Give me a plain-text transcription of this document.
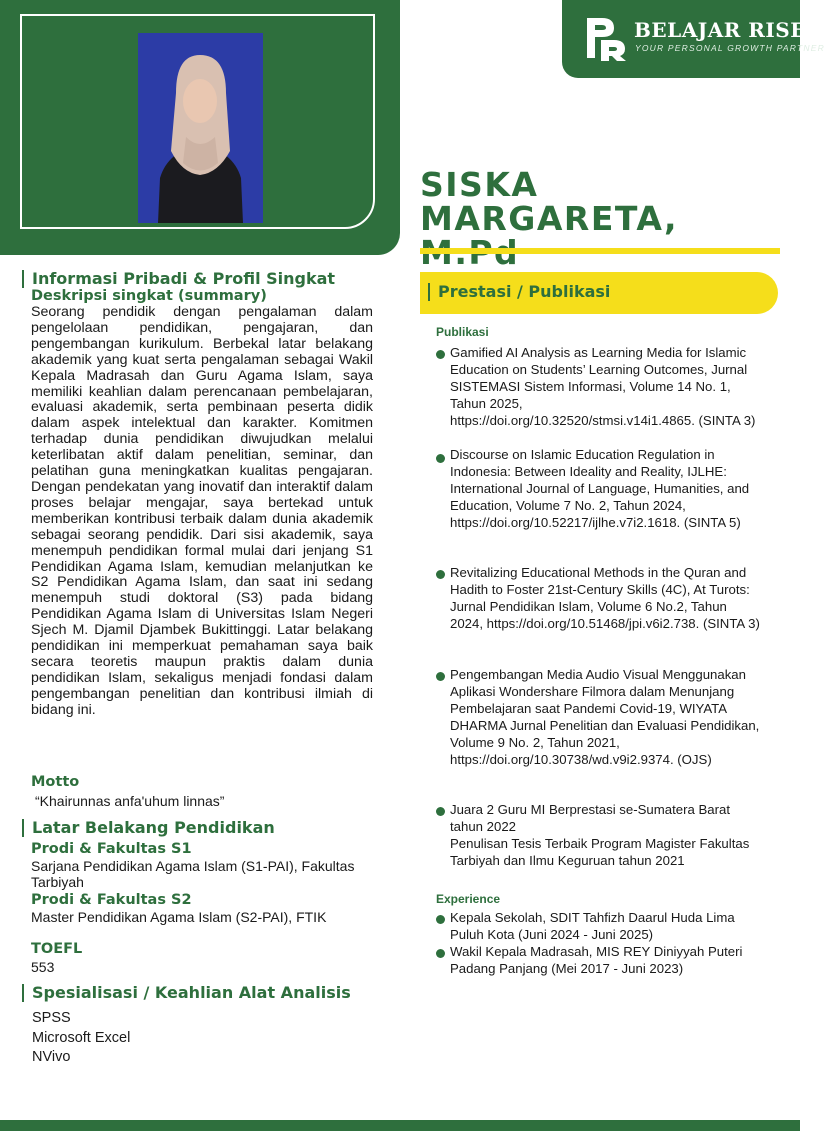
BELAJAR RISET
YOUR PERSONAL GROWTH PARTNER
SISKA MARGARETA,
Informasi Pribadi & Profil Singkat
Deskripsi singkat (summary)
Seorang pendidik dengan pengalaman dalam pengelolaan pendidikan, pengajaran, dan pengembangan kurikulum. Berbekal latar belakang akademik yang kuat serta pengalaman sebagai Wakil Kepala Madrasah dan Guru Agama Islam, saya memiliki keahlian dalam perencanaan pembelajaran, evaluasi akademik, serta pembinaan peserta didik dalam aspek intelektual dan karakter. Komitmen terhadap dunia pendidikan diwujudkan melalui keterlibatan aktif dalam penelitian, seminar, dan pelatihan guna meningkatkan kualitas pengajaran. Dengan pendekatan yang inovatif dan interaktif dalam proses belajar mengajar, saya bertekad untuk memberikan kontribusi terbaik dalam dunia akademik sebagai seorang pendidik. Dari sisi akademik, saya menempuh pendidikan formal mulai dari jenjang S1 Pendidikan Agama Islam, kemudian melanjutkan ke S2 Pendidikan Agama Islam, dan saat ini sedang menempuh studi doktoral (S3) pada bidang Pendidikan Agama Islam di Universitas Islam Negeri Sjech M. Djamil Djambek Bukittinggi. Latar belakang pendidikan ini memperkuat pemahaman saya baik secara teoretis maupun praktis dalam dunia pendidikan Islam, sekaligus menjadi fondasi dalam pengembangan penelitian dan kontribusi ilmiah di bidang ini.
Motto
“Khairunnas anfa'uhum linnas”
Latar Belakang Pendidikan
Prodi & Fakultas S1
Sarjana Pendidikan Agama Islam (S1-PAI), Fakultas Tarbiyah
Prodi & Fakultas S2
Master Pendidikan Agama Islam (S2-PAI), FTIK
TOEFL
553
Spesialisasi / Keahlian Alat Analisis
SPSS
Microsoft Excel
NVivo
Prestasi / Publikasi
Publikasi
Gamified AI Analysis as Learning Media for Islamic Education on Students’ Learning Outcomes, Jurnal SISTEMASI Sistem Informasi, Volume 14 No. 1, Tahun 2025, https://doi.org/10.32520/stmsi.v14i1.4865. (SINTA 3)
Discourse on Islamic Education Regulation in Indonesia: Between Ideality and Reality, IJLHE: International Journal of Language, Humanities, and Education, Volume 7 No. 2, Tahun 2024, https://doi.org/10.52217/ijlhe.v7i2.1618. (SINTA 5)
Revitalizing Educational Methods in the Quran and Hadith to Foster 21st-Century Skills (4C), At Turots: Jurnal Pendidikan Islam, Volume 6 No.2, Tahun 2024, https://doi.org/10.51468/jpi.v6i2.738. (SINTA 3)
Pengembangan Media Audio Visual Menggunakan Aplikasi Wondershare Filmora dalam Menunjang Pembelajaran saat Pandemi Covid-19, WIYATA DHARMA Jurnal Penelitian dan Evaluasi Pendidikan, Volume 9 No. 2, Tahun 2021, https://doi.org/10.30738/wd.v9i2.9374. (OJS)
Juara 2 Guru MI Berprestasi se-Sumatera Barat tahun 2022
Penulisan Tesis Terbaik Program Magister Fakultas Tarbiyah dan Ilmu Keguruan tahun 2021
Experience
Kepala Sekolah, SDIT Tahfizh Daarul Huda Lima Puluh Kota (Juni 2024 - Juni 2025)
Wakil Kepala Madrasah, MIS REY Diniyyah Puteri Padang Panjang (Mei 2017 - Juni 2023)
